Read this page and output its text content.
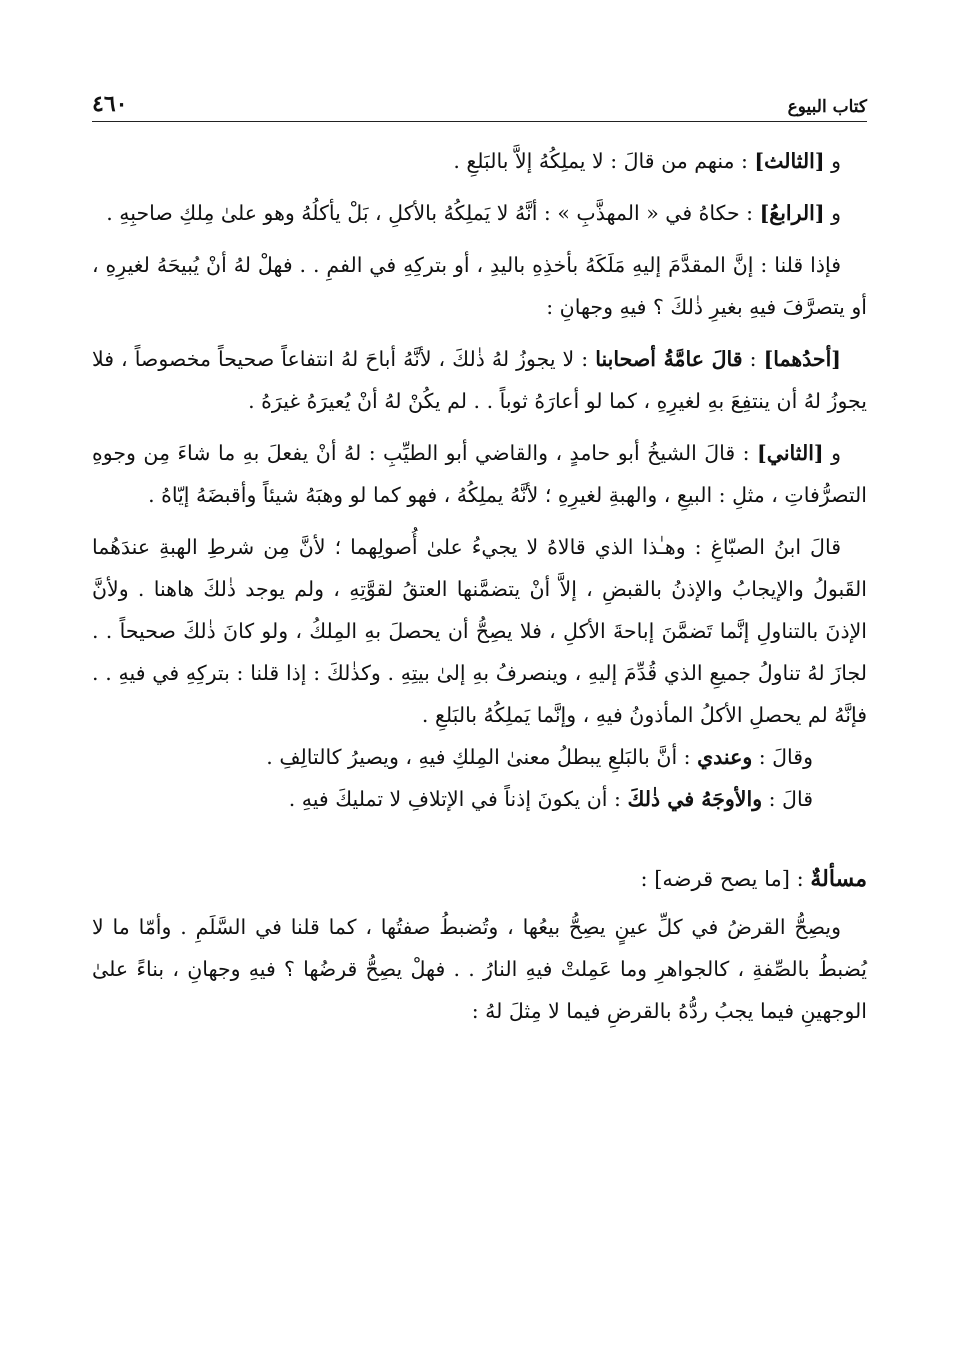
كتاب البيوع
٤٦٠

و [الثالث] : منهم من قالَ : لا يملِكُهُ إلاَّ بالبَلعِ .

و [الرابعُ] : حكاهُ في « المهذَّبِ » : أنَّهُ لا يَملِكُهُ بالأكلِ ، بَلْ يأكلُهُ وهو علىٰ مِلكِ صاحبِهِ .

فإذا قلنا : إنَّ المقدَّمَ إليهِ مَلَكَهُ بأخذِهِ باليدِ ، أو بتركِهِ في الفمِ . . فهلْ لهُ أنْ يُبيحَهُ لغيرِهِ ، أو يتصرَّفَ فيهِ بغيرِ ذٰلكَ ؟ فيهِ وجهانِ :

[أحدُهما] : قالَ عامَّةُ أصحابنا : لا يجوزُ لهُ ذٰلكَ ، لأنَّهُ أباحَ لهُ انتفاعاً صحيحاً مخصوصاً ، فلا يجوزُ لهُ أن ينتفِعَ بهِ لغيرِهِ ، كما لو أعارَهُ ثوباً . . لم يكُنْ لهُ أنْ يُعيرَهُ غيرَهُ .

و [الثاني] : قالَ الشيخُ أبو حامدٍ ، والقاضي أبو الطيِّبِ : لهُ أنْ يفعلَ بهِ ما شاءَ مِن وجوهِ التصرُّفاتِ ، مثلِ : البيعِ ، والهبةِ لغيرِهِ ؛ لأنَّهُ يملِكُهُ ، فهو كما لو وهبَهُ شيئاً وأقبضَهُ إيّاهُ .

قالَ ابنُ الصبّاغِ : وهـٰذا الذي قالاهُ لا يجيءُ علىٰ أُصولِهما ؛ لأنَّ مِن شرطِ الهبةِ عندَهُما القَبولُ والإيجابُ والإذنُ بالقبضِ ، إلاَّ أنْ يتضمَّنها العتقُ لقوَّتِهِ ، ولم يوجد ذٰلكَ هاهنا . ولأنَّ الإذنَ بالتناولِ إنَّما تَضمَّنَ إباحةَ الأكلِ ، فلا يصِحُّ أن يحصلَ بهِ المِلكُ ، ولو كانَ ذٰلكَ صحيحاً . . لجازَ لهُ تناولُ جميعِ الذي قُدِّمَ إليهِ ، وينصرفُ بهِ إلىٰ بيتِهِ . وكذٰلكَ : إذا قلنا : بتركِهِ في فيهِ . . فإنَّهُ لم يحصلِ الأكلُ المأذونُ فيهِ ، وإنَّما يَملِكُهُ بالبَلعِ .

وقالَ : وعندي : أنَّ بالبَلعِ يبطلُ معنىٰ المِلكِ فيهِ ، ويصيرُ كالتالِفِ .

قالَ : والأوجَهُ في ذٰلكَ : أن يكونَ إذناً في الإتلافِ لا تمليكَ فيهِ .

مسألةٌ : [ما يصح قرضه] :

ويصِحُّ القرضُ في كلِّ عينٍ يصِحُّ بيعُها ، وتُضبطُ صفتُها ، كما قلنا في السَّلَمِ . وأمّا ما لا يُضبطُ بالصِّفةِ ، كالجواهرِ وما عَمِلتْ فيهِ النارُ . . فهلْ يصِحُّ قرضُها ؟ فيهِ وجهانِ ، بناءً علىٰ الوجهينِ فيما يجبُ ردُّهُ بالقرضِ فيما لا مِثلَ لهُ :
